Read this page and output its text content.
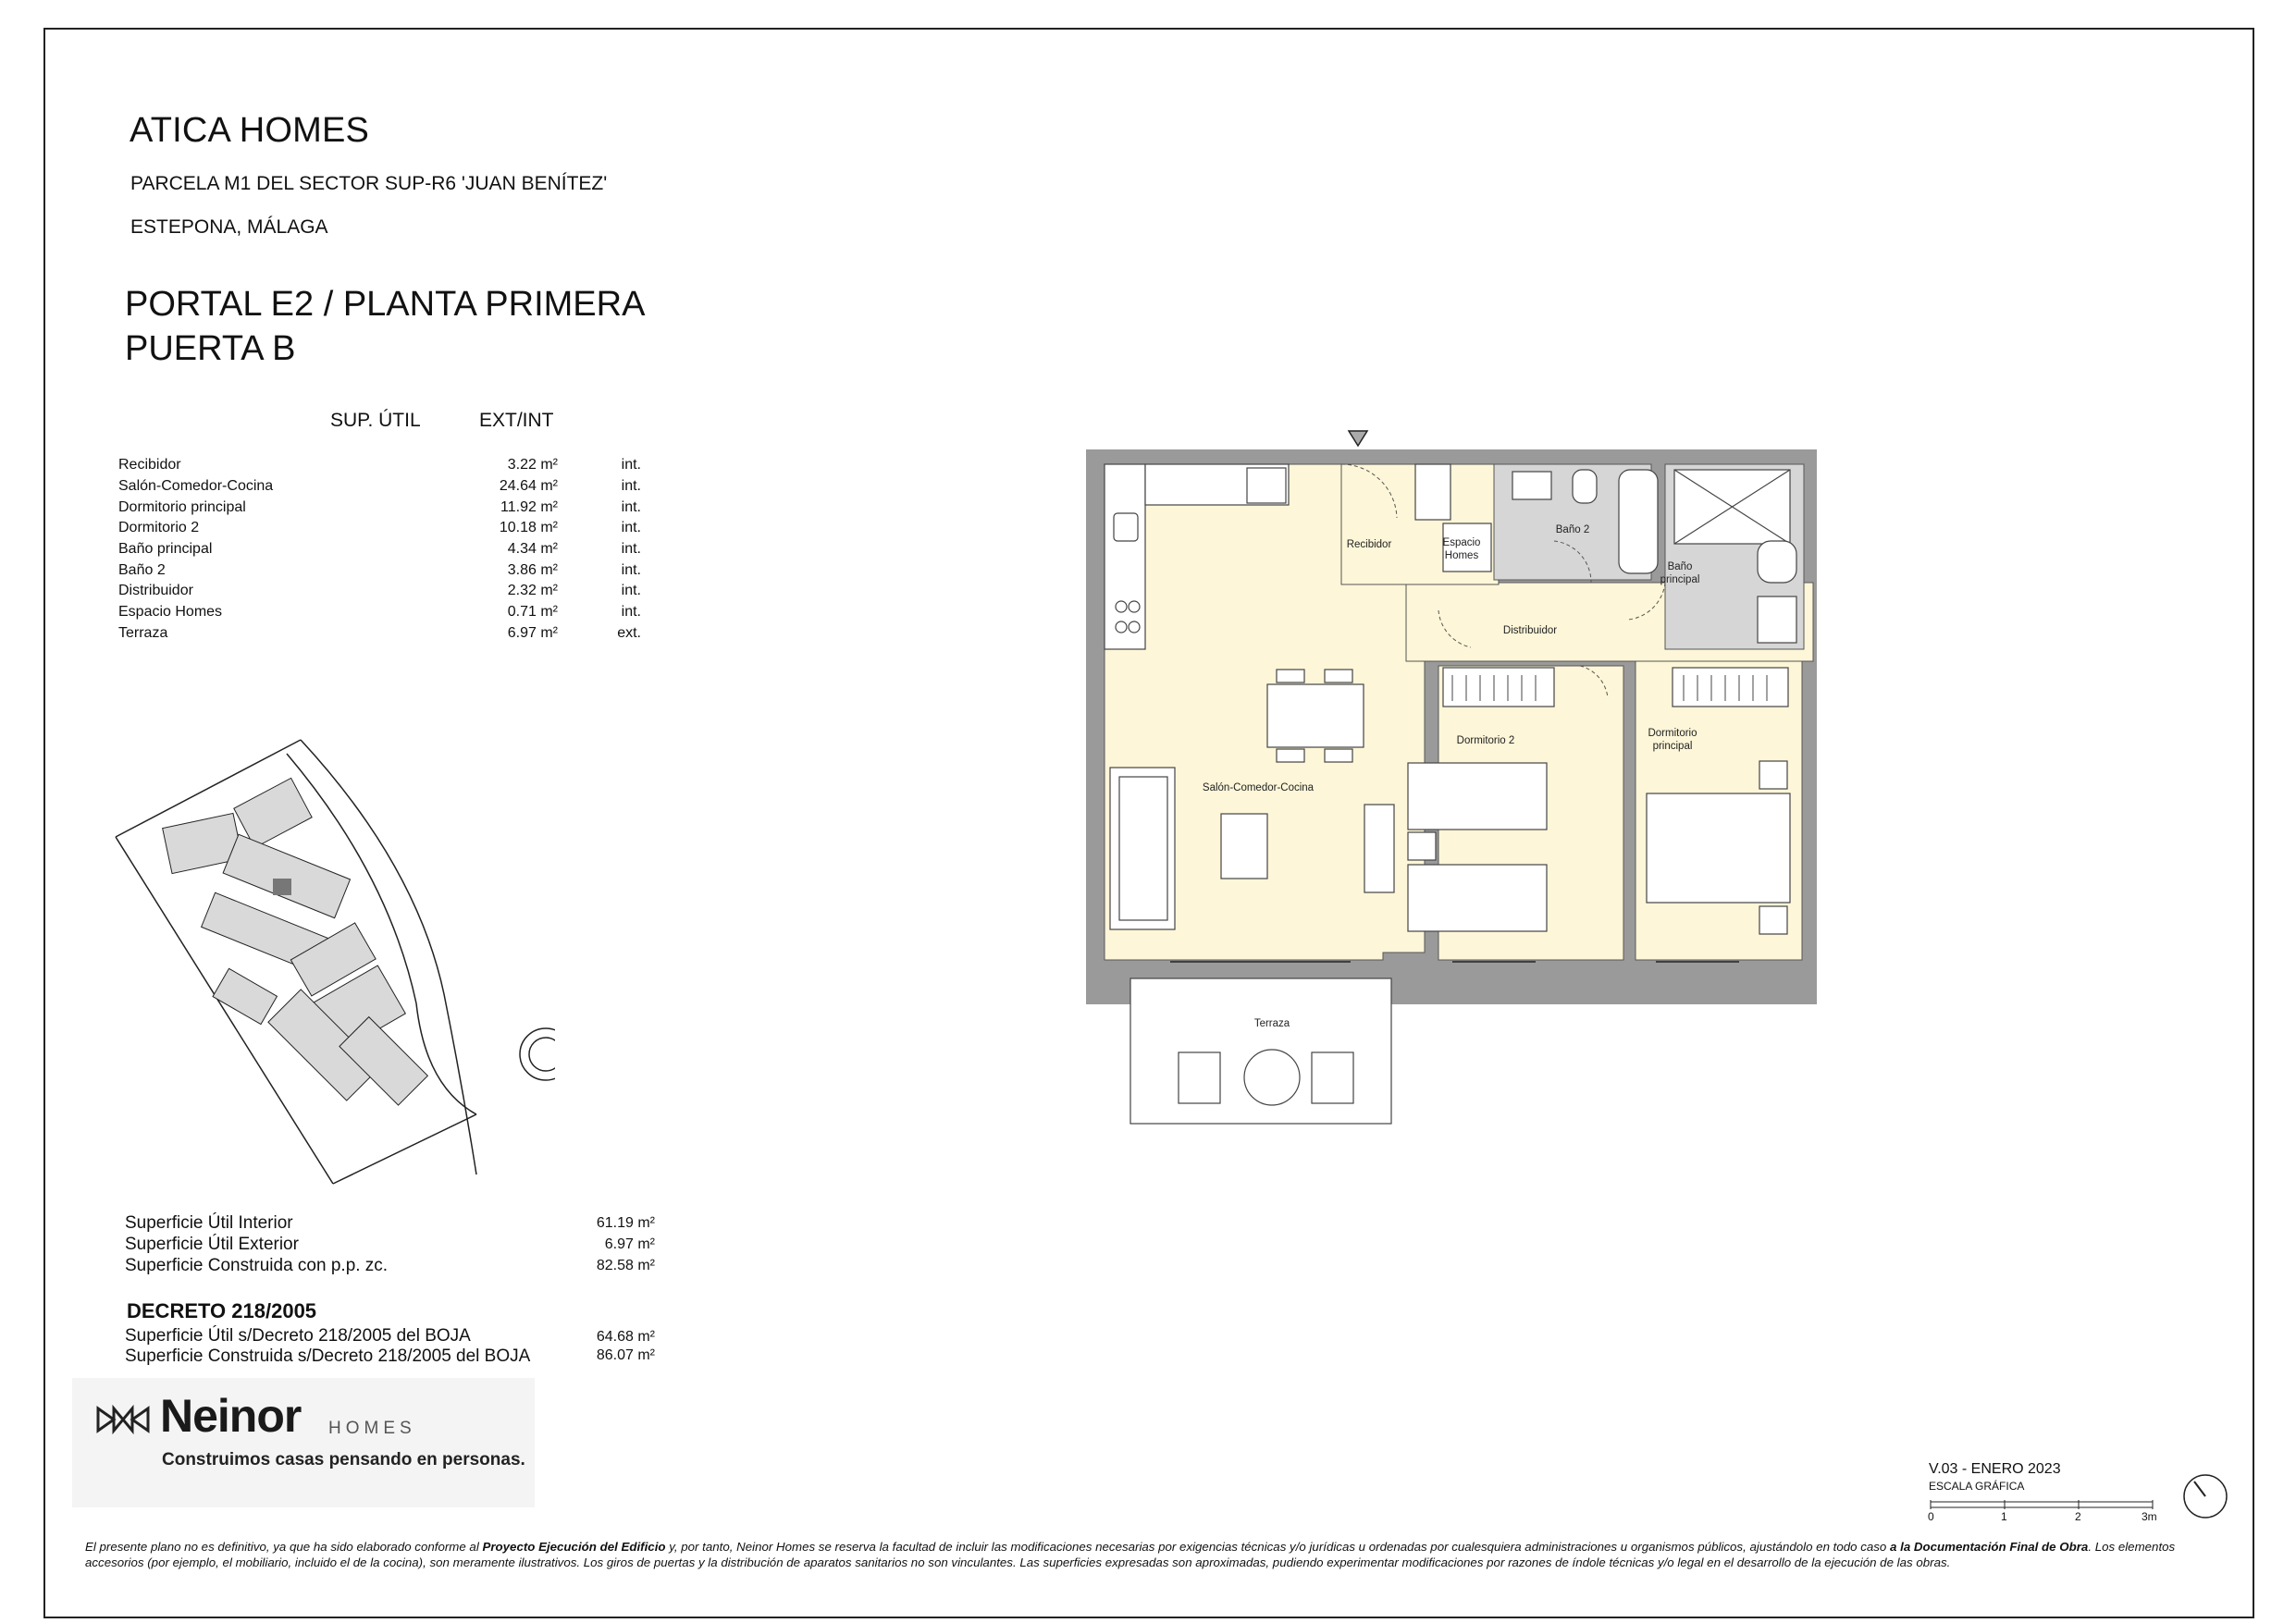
ATICA HOMES
PARCELA M1 DEL SECTOR SUP-R6 'JUAN BENÍTEZ'
ESTEPONA, MÁLAGA
PORTAL E2 / PLANTA PRIMERA
PUERTA B
SUP. ÚTIL	EXT/INT
Recibidor	3.22 m²	int.
Salón-Comedor-Cocina	24.64 m²	int.
Dormitorio principal	11.92 m²	int.
Dormitorio 2	10.18 m²	int.
Baño principal	4.34 m²	int.
Baño 2	3.86 m²	int.
Distribuidor	2.32 m²	int.
Espacio Homes	0.71 m²	int.
Terraza	6.97 m²	ext.
Superficie Útil Interior	61.19 m²
Superficie Útil Exterior	6.97 m²
Superficie Construida con p.p. zc.	82.58 m²
DECRETO 218/2005
Superficie Útil s/Decreto 218/2005 del BOJA	64.68 m²
Superficie Construida s/Decreto 218/2005 del BOJA	86.07 m²
Neinor HOMES
Construimos casas pensando en personas.
Recibidor	Espacio
Homes
Baño 2
Baño
principal
Distribuidor
Dormitorio 2
Dormitorio
principal
Salón-Comedor-Cocina
Terraza
V.03 - ENERO 2023
ESCALA GRÁFICA
0	1	2	3m
El presente plano no es definitivo, ya que ha sido elaborado conforme al Proyecto Ejecución del Edificio y, por tanto, Neinor Homes se reserva la facultad de incluir las modificaciones necesarias por exigencias técnicas y/o jurídicas u ordenadas por cualesquiera administraciones u organismos públicos, ajustándolo en todo caso a la Documentación Final de Obra. Los elementos accesorios (por ejemplo, el mobiliario, incluido el de la cocina), son meramente ilustrativos. Los giros de puertas y la distribución de aparatos sanitarios no son vinculantes. Las superficies expresadas son aproximadas, pudiendo experimentar modificaciones por razones de índole técnicas y/o legal en el desarrollo de la ejecución de las obras.
